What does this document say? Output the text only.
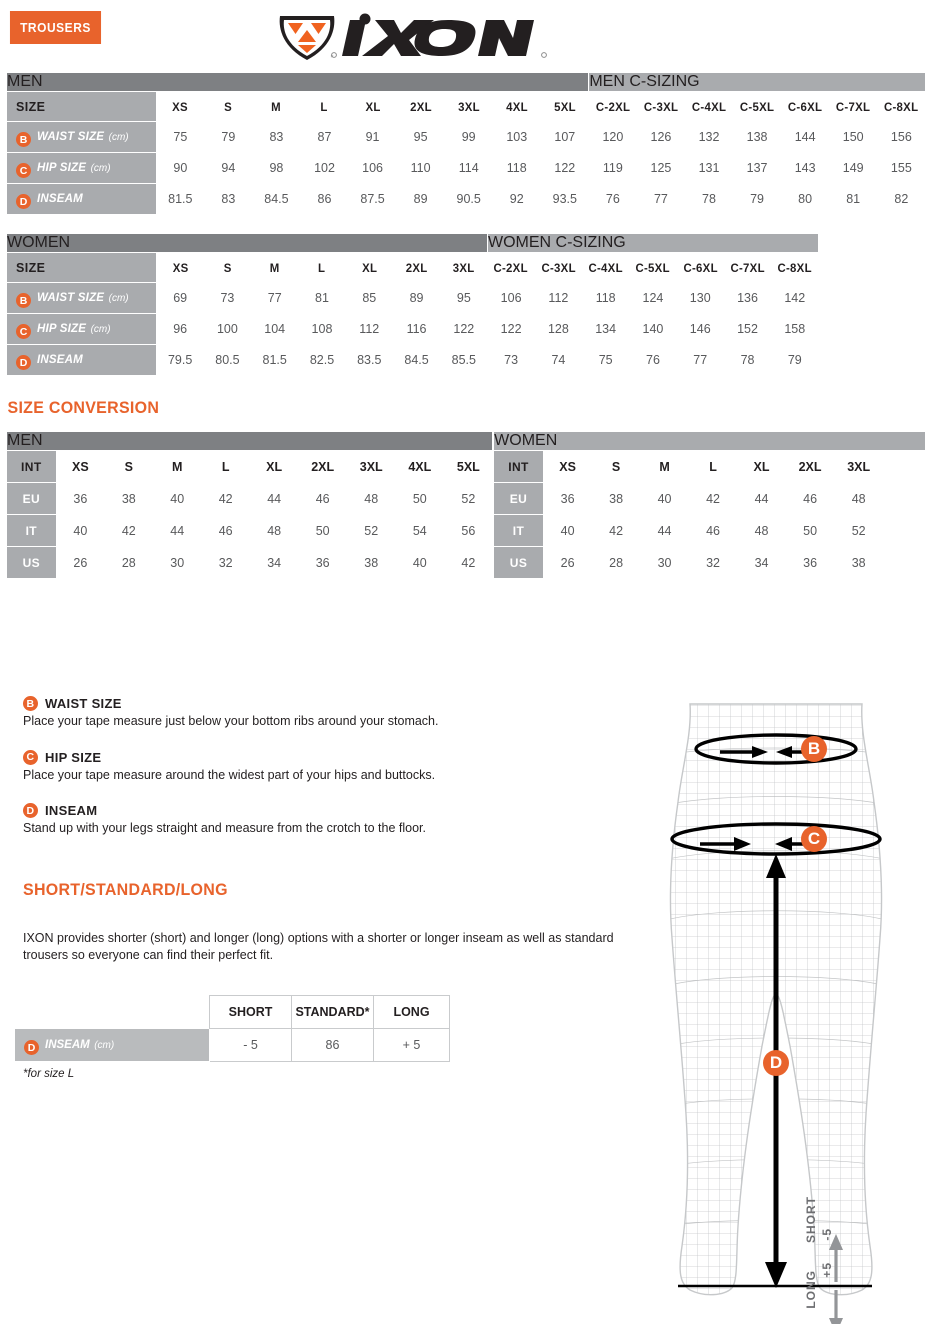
TROUSERS
R
MEN										MEN C-SIZING						
SIZE	XS	S	M	L	XL	2XL	3XL	4XL	5XL	C-2XL	C-3XL	C-4XL	C-5XL	C-6XL	C-7XL	C-8XL
B WAIST SIZE (cm)	75	79	83	87	91	95	99	103	107	120	126	132	138	144	150	156
C HIP SIZE (cm)	90	94	98	102	106	110	114	118	122	119	125	131	137	143	149	155
D INSEAM	81.5	83	84.5	86	87.5	89	90.5	92	93.5	76	77	78	79	80	81	82
WOMEN								WOMEN C-SIZING						
SIZE	XS	S	M	L	XL	2XL	3XL	C-2XL	C-3XL	C-4XL	C-5XL	C-6XL	C-7XL	C-8XL
B WAIST SIZE (cm)	69	73	77	81	85	89	95	106	112	118	124	130	136	142
C HIP SIZE (cm)	96	100	104	108	112	116	122	122	128	134	140	146	152	158
D INSEAM	79.5	80.5	81.5	82.5	83.5	84.5	85.5	73	74	75	76	77	78	79
SIZE CONVERSION
MEN									
INT	XS	S	M	L	XL	2XL	3XL	4XL	5XL
EU	36	38	40	42	44	46	48	50	52
IT	40	42	44	46	48	50	52	54	56
US	26	28	30	32	34	36	38	40	42
WOMEN								
INT	XS	S	M	L	XL	2XL	3XL	
EU	36	38	40	42	44	46	48	
IT	40	42	44	46	48	50	52	
US	26	28	30	32	34	36	38	
B WAIST SIZE
Place your tape measure just below your bottom ribs around your stomach.
C HIP SIZE
Place your tape measure around the widest part of your hips and buttocks.
D INSEAM
Stand up with your legs straight and measure from the crotch to the floor.
SHORT/STANDARD/LONG
IXON provides shorter (short) and longer (long) options with a shorter or longer inseam as well as standard trousers so everyone can find their perfect fit.
	SHORT	STANDARD*	LONG
D INSEAM (cm)	- 5	86	+ 5
*for size L
B
C
D
SHORT -5
LONG
+5
